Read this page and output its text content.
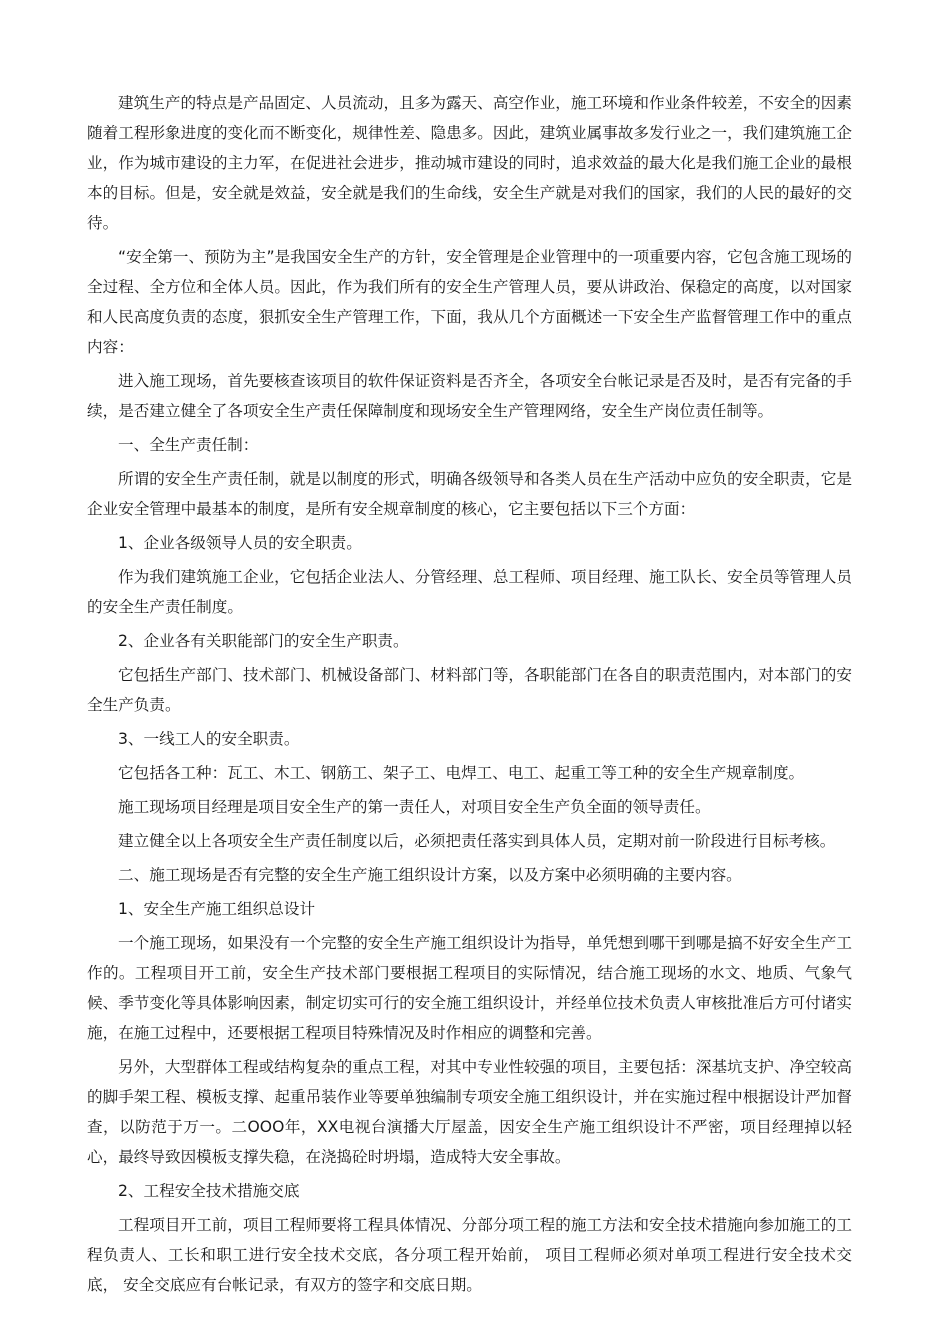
建筑生产的特点是产品固定、人员流动，且多为露天、高空作业，施工环境和作业条件较差，不安全的因素随着工程形象进度的变化而不断变化，规律性差、隐患多。因此，建筑业属事故多发行业之一，我们建筑施工企业，作为城市建设的主力军，在促进社会进步，推动城市建设的同时，追求效益的最大化是我们施工企业的最根本的目标。但是，安全就是效益，安全就是我们的生命线，安全生产就是对我们的国家，我们的人民的最好的交待。

“安全第一、预防为主”是我国安全生产的方针，安全管理是企业管理中的一项重要内容，它包含施工现场的全过程、全方位和全体人员。因此，作为我们所有的安全生产管理人员，要从讲政治、保稳定的高度，以对国家和人民高度负责的态度，狠抓安全生产管理工作，下面，我从几个方面概述一下安全生产监督管理工作中的重点内容：

进入施工现场，首先要核查该项目的软件保证资料是否齐全，各项安全台帐记录是否及时，是否有完备的手续，是否建立健全了各项安全生产责任保障制度和现场安全生产管理网络，安全生产岗位责任制等。

一、全生产责任制：

所谓的安全生产责任制，就是以制度的形式，明确各级领导和各类人员在生产活动中应负的安全职责，它是企业安全管理中最基本的制度，是所有安全规章制度的核心，它主要包括以下三个方面：

1、企业各级领导人员的安全职责。

作为我们建筑施工企业，它包括企业法人、分管经理、总工程师、项目经理、施工队长、安全员等管理人员的安全生产责任制度。

2、企业各有关职能部门的安全生产职责。

它包括生产部门、技术部门、机械设备部门、材料部门等，各职能部门在各自的职责范围内，对本部门的安全生产负责。

3、一线工人的安全职责。

它包括各工种：瓦工、木工、钢筋工、架子工、电焊工、电工、起重工等工种的安全生产规章制度。

施工现场项目经理是项目安全生产的第一责任人，对项目安全生产负全面的领导责任。

建立健全以上各项安全生产责任制度以后，必须把责任落实到具体人员，定期对前一阶段进行目标考核。

二、施工现场是否有完整的安全生产施工组织设计方案，以及方案中必须明确的主要内容。

1、安全生产施工组织总设计

一个施工现场，如果没有一个完整的安全生产施工组织设计为指导，单凭想到哪干到哪是搞不好安全生产工作的。工程项目开工前，安全生产技术部门要根据工程项目的实际情况，结合施工现场的水文、地质、气象气候、季节变化等具体影响因素，制定切实可行的安全施工组织设计，并经单位技术负责人审核批准后方可付诸实施，在施工过程中，还要根据工程项目特殊情况及时作相应的调整和完善。

另外，大型群体工程或结构复杂的重点工程，对其中专业性较强的项目，主要包括：深基坑支护、净空较高的脚手架工程、模板支撑、起重吊装作业等要单独编制专项安全施工组织设计，并在实施过程中根据设计严加督查，以防范于万一。二OOO年，XX电视台演播大厅屋盖，因安全生产施工组织设计不严密，项目经理掉以轻心，最终导致因模板支撑失稳，在浇捣砼时坍塌，造成特大安全事故。

2、工程安全技术措施交底

工程项目开工前，项目工程师要将工程具体情况、分部分项工程的施工方法和安全技术措施向参加施工的工程负责人、工长和职工进行安全技术交底，各分项工程开始前， 项目工程师必须对单项工程进行安全技术交底， 安全交底应有台帐记录，有双方的签字和交底日期。
